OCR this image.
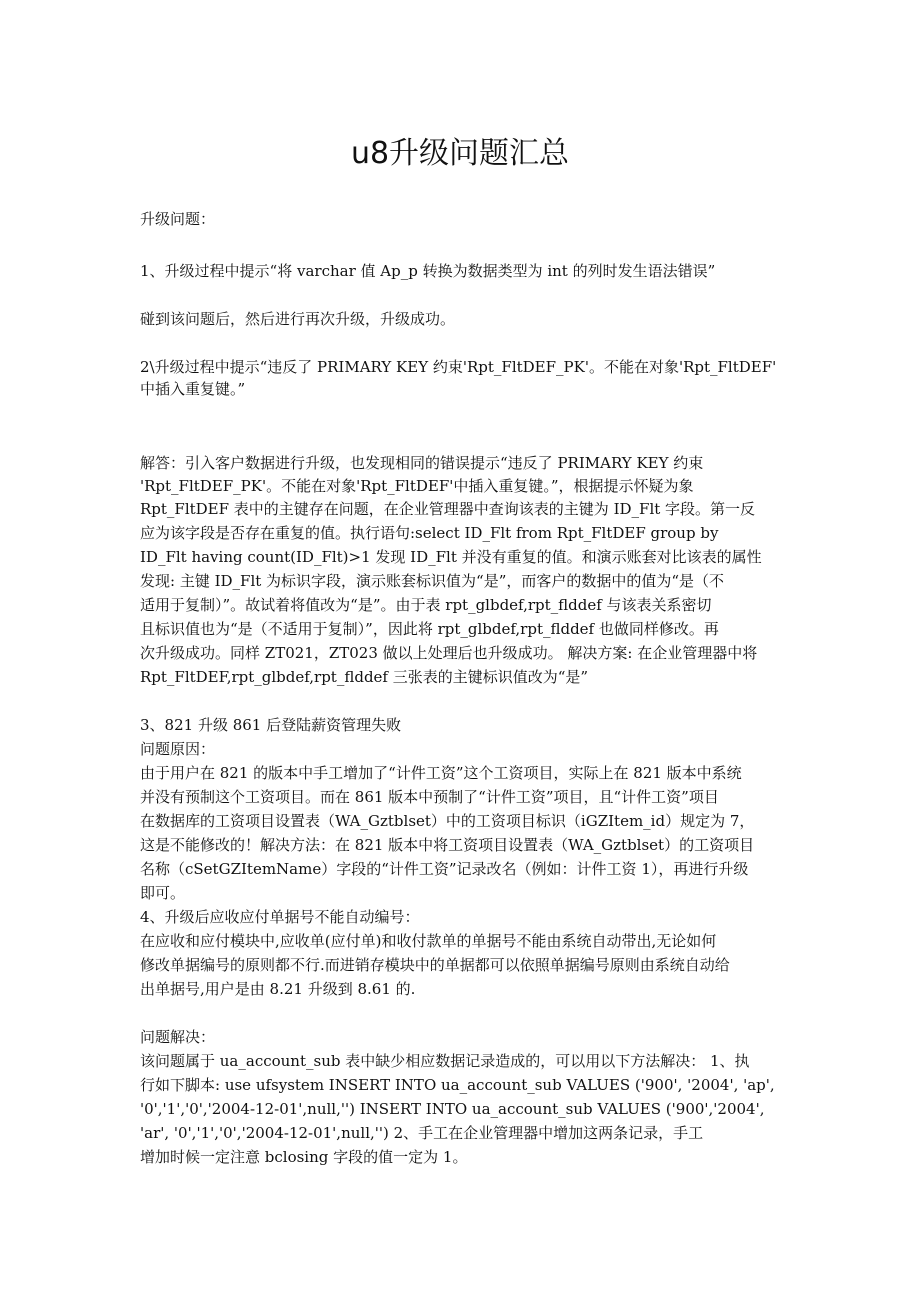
u8升级问题汇总
升级问题：
1、升级过程中提示“将 varchar 值 Ap_p 转换为数据类型为 int 的列时发生语法错误”
碰到该问题后，然后进行再次升级，升级成功。
2\升级过程中提示“违反了 PRIMARY KEY 约束'Rpt_FltDEF_PK'。不能在对象'Rpt_FltDEF'
中插入重复键。”
解答：引入客户数据进行升级，也发现相同的错误提示“违反了 PRIMARY KEY 约束
'Rpt_FltDEF_PK'。不能在对象'Rpt_FltDEF'中插入重复键。”，根据提示怀疑为象
Rpt_FltDEF 表中的主键存在问题，在企业管理器中查询该表的主键为 ID_Flt 字段。第一反
应为该字段是否存在重复的值。执行语句:select ID_Flt from Rpt_FltDEF group by
ID_Flt having count(ID_Flt)>1 发现 ID_Flt 并没有重复的值。和演示账套对比该表的属性
发现: 主键 ID_Flt 为标识字段，演示账套标识值为“是”，而客户的数据中的值为“是（不
适用于复制）”。故试着将值改为“是”。由于表 rpt_glbdef,rpt_flddef 与该表关系密切
且标识值也为“是（不适用于复制）”，因此将 rpt_glbdef,rpt_flddef 也做同样修改。再
次升级成功。同样 ZT021，ZT023 做以上处理后也升级成功。 解决方案: 在企业管理器中将
Rpt_FltDEF,rpt_glbdef,rpt_flddef 三张表的主键标识值改为“是”
3、821 升级 861 后登陆薪资管理失败
问题原因：
由于用户在 821 的版本中手工增加了“计件工资”这个工资项目，实际上在 821 版本中系统
并没有预制这个工资项目。而在 861 版本中预制了“计件工资”项目，且“计件工资”项目
在数据库的工资项目设置表（WA_Gztblset）中的工资项目标识（iGZItem_id）规定为 7，
这是不能修改的！解决方法：在 821 版本中将工资项目设置表（WA_Gztblset）的工资项目
名称（cSetGZItemName）字段的“计件工资”记录改名（例如：计件工资 1），再进行升级
即可。
4、升级后应收应付单据号不能自动编号：
在应收和应付模块中,应收单(应付单)和收付款单的单据号不能由系统自动带出,无论如何
修改单据编号的原则都不行.而进销存模块中的单据都可以依照单据编号原则由系统自动给
出单据号,用户是由 8.21 升级到 8.61 的.
问题解决：
该问题属于 ua_account_sub 表中缺少相应数据记录造成的，可以用以下方法解决： 1、执
行如下脚本: use ufsystem INSERT INTO ua_account_sub VALUES ('900', '2004', 'ap',
'0','1','0','2004-12-01',null,'') INSERT INTO ua_account_sub VALUES ('900','2004',
'ar', '0','1','0','2004-12-01',null,'') 2、手工在企业管理器中增加这两条记录，手工
增加时候一定注意 bclosing 字段的值一定为 1。
